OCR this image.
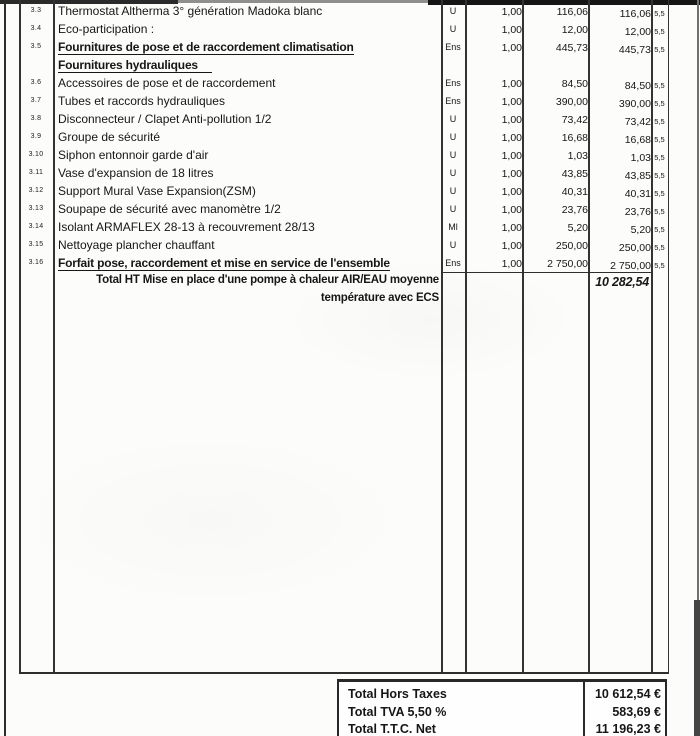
3.3	Thermostat Altherma 3° génération Madoka blanc	U	1,00	116,06	116,06 5,5
3.4	Eco-participation :	U	1,00	12,00	12,00 5,5
3.5	Fournitures de pose et de raccordement climatisation	Ens	1,00	445,73	445,73 5,5
Fournitures hydrauliques
3.6	Accessoires de pose et de raccordement	Ens	1,00	84,50	84,50 5,5
3.7	Tubes et raccords hydrauliques	Ens	1,00	390,00	390,00 5,5
3.8	Disconnecteur / Clapet Anti-pollution 1/2	U	1,00	73,42	73,42 5,5
3.9	Groupe de sécurité	U	1,00	16,68	16,68 5,5
3.10	Siphon entonnoir garde d'air	U	1,00	1,03	1,03 5,5
3.11	Vase d'expansion de 18 litres	U	1,00	43,85	43,85 5,5
3.12	Support Mural Vase Expansion(ZSM)	U	1,00	40,31	40,31 5,5
3.13	Soupape de sécurité avec manomètre 1/2	U	1,00	23,76	23,76 5,5
3.14	Isolant ARMAFLEX 28-13 à recouvrement 28/13	Ml	1,00	5,20	5,20 5,5
3.15	Nettoyage plancher chauffant	U	1,00	250,00	250,00 5,5
3.16	Forfait pose, raccordement et mise en service de l'ensemble	Ens	1,00	2 750,00	2 750,00 5,5
Total HT Mise en place d'une pompe à chaleur AIR/EAU moyenne
température avec ECS
10 282,54
Total Hors Taxes	10 612,54 €
Total TVA 5,50 %	583,69 €
Total T.T.C. Net	11 196,23 €
